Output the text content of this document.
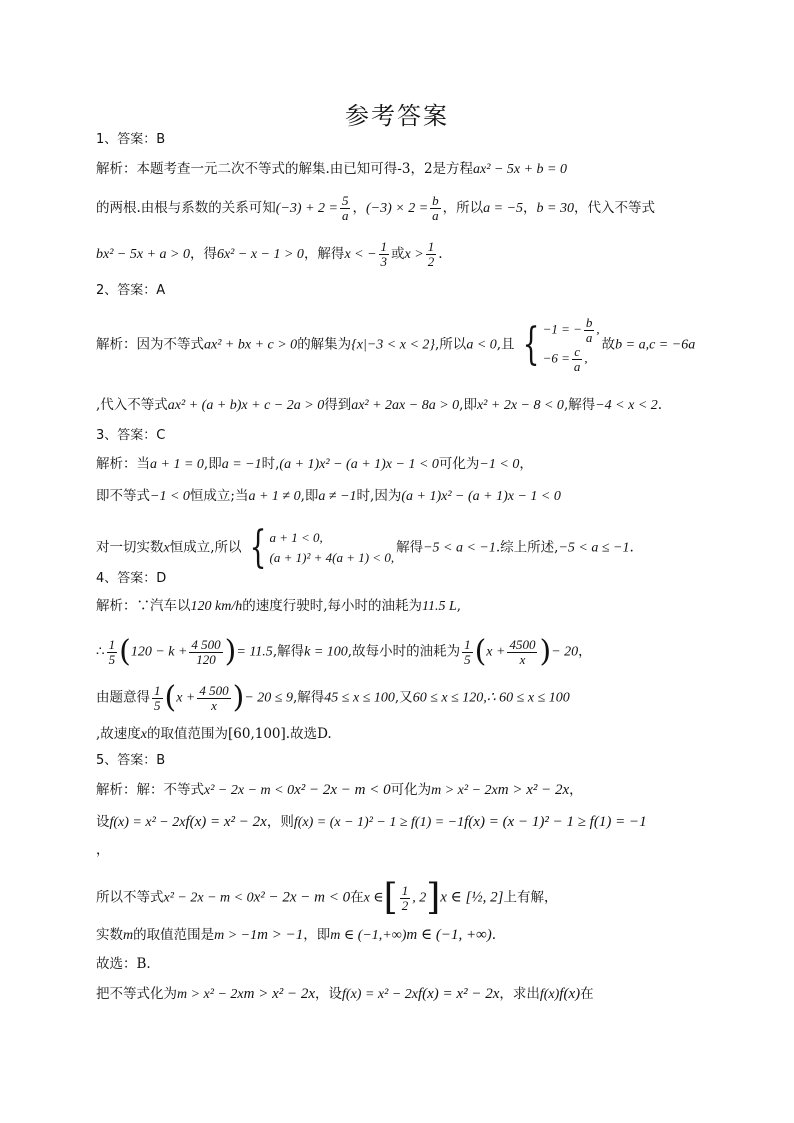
参考答案
1、答案：B
解析：本题考查一元二次不等式的解集.由已知可得-3，2是方程ax² − 5x + b = 0
的两根.由根与系数的关系可知$(-3) + 2 = \frac{5}{a}$ ，$(-3) \times 2 = \frac{b}{a}$ ，所以a = −5，b = 30，代入不等式
bx² − 5x + a > 0，得6x² − x − 1 > 0，解得x < − $\frac{1}{3}$ 或$x > \frac{1}{2}$ .
2、答案：A
解析：因为不等式ax² + bx + c > 0的解集为{x|−3 < x < 2},所以a < 0,且 { −1 = − $\frac{b}{a}$ ,
$-6 = \frac{c}{a}$ ,
故b = a,c = −6a
,代入不等式ax² + (a + b)x + c − 2a > 0得到ax² + 2ax − 8a > 0,即x² + 2x − 8 < 0,解得−4 < x < 2.
3、答案：C
解析：当a + 1 = 0,即a = −1时,(a + 1)x² − (a + 1)x − 1 < 0可化为−1 < 0，
即不等式−1 < 0恒成立;当a + 1 ≠ 0,即a ≠ −1时,因为(a + 1)x² − (a + 1)x − 1 < 0
对一切实数x恒成立,所以 { a + 1 < 0,
(a + 1)² + 4(a + 1) < 0,
解得−5 < a < −1.综上所述,−5 < a ≤ −1.
4、答案：D
解析：∵汽车以120 km/h的速度行驶时,每小时的油耗为11.5 L,
∴ $\frac{1}{5} (120 - k + \frac{4 500}{120}$ )= 11.5,解得k = 100,故每小时的油耗为 $\frac{1}{5} (x + \frac{4500}{x}$ )− 20，
由题意得 $\frac{1}{5} (x + \frac{4 500}{x}$ )− 20 ≤ 9,解得45 ≤ x ≤ 100,又60 ≤ x ≤ 120,∴ 60 ≤ x ≤ 100
,故速度x的取值范围为[60,100].故选D.
5、答案：B
解析：解：不等式x² − 2x − m < 0x² − 2x − m < 0可化为m > x² − 2xm > x² − 2x，
设f(x) = x² − 2xf(x) = x² − 2x，则f(x) = (x − 1)² − 1 ≥ f(1) = −1f(x) = (x − 1)² − 1 ≥ f(1) = −1
，
所以不等式x² − 2x − m < 0x² − 2x − m < 0在x ∈[ $\frac{1}{2}$ , 2]x ∈ [½, 2]上有解，
实数m的取值范围是m > −1m > −1，即m ∈ (−1,+∞)m ∈ (−1, +∞).
故选：B.
把不等式化为m > x² − 2xm > x² − 2x，设f(x) = x² − 2xf(x) = x² − 2x，求出f(x)f(x)在
